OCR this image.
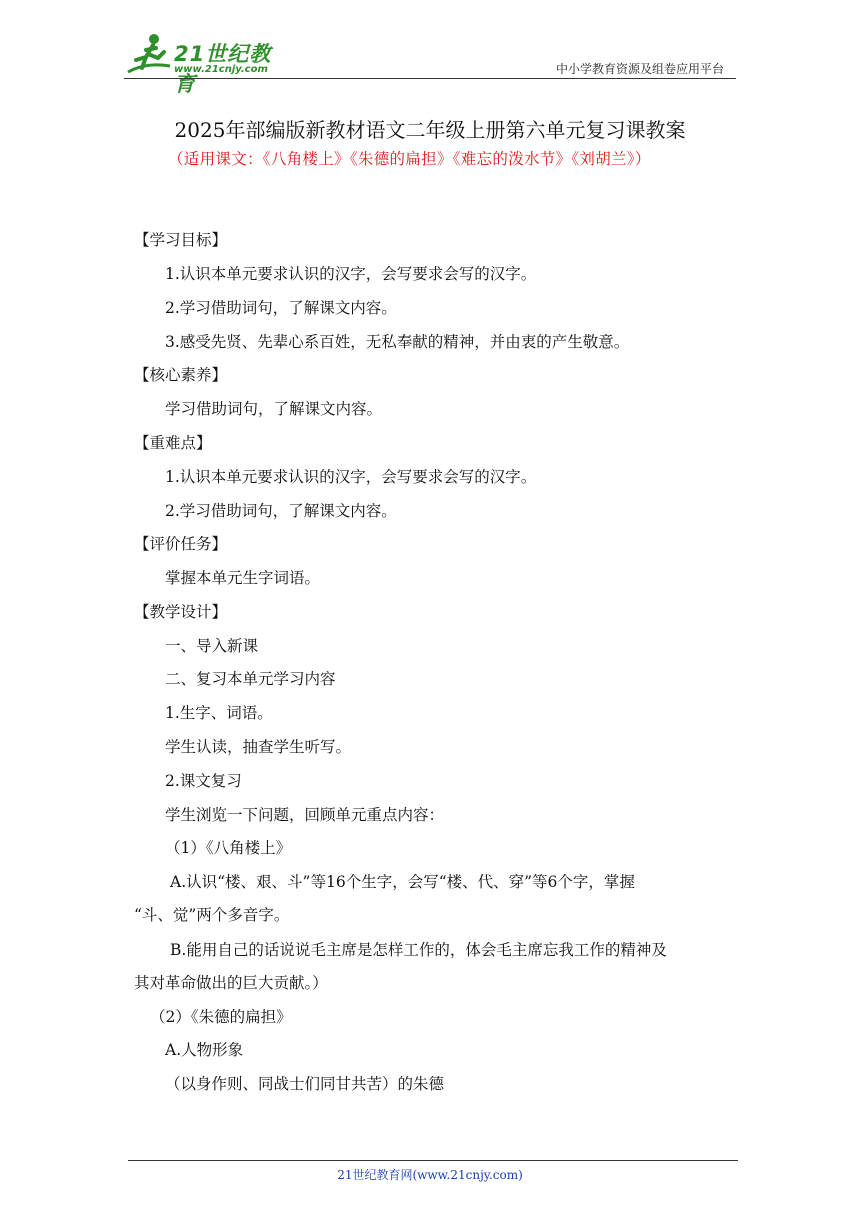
21世纪教育
www.21cnjy.com	中小学教育资源及组卷应用平台
2025年部编版新教材语文二年级上册第六单元复习课教案
（适用课文：《八角楼上》《朱德的扁担》《难忘的泼水节》《刘胡兰》）
【学习目标】
1.认识本单元要求认识的汉字，会写要求会写的汉字。
2.学习借助词句，了解课文内容。
3.感受先贤、先辈心系百姓，无私奉献的精神，并由衷的产生敬意。
【核心素养】
学习借助词句，了解课文内容。
【重难点】
1.认识本单元要求认识的汉字，会写要求会写的汉字。
2.学习借助词句，了解课文内容。
【评价任务】
掌握本单元生字词语。
【教学设计】
一、导入新课
二、复习本单元学习内容
1.生字、词语。
学生认读，抽查学生听写。
2.课文复习
学生浏览一下问题，回顾单元重点内容：
（1）《八角楼上》
A.认识“楼、艰、斗”等16个生字，会写“楼、代、穿”等6个字，掌握
“斗、觉”两个多音字。
B.能用自己的话说说毛主席是怎样工作的，体会毛主席忘我工作的精神及
其对革命做出的巨大贡献。）
（2）《朱德的扁担》
A.人物形象
（以身作则、同战士们同甘共苦）的朱德
21世纪教育网(www.21cnjy.com)
